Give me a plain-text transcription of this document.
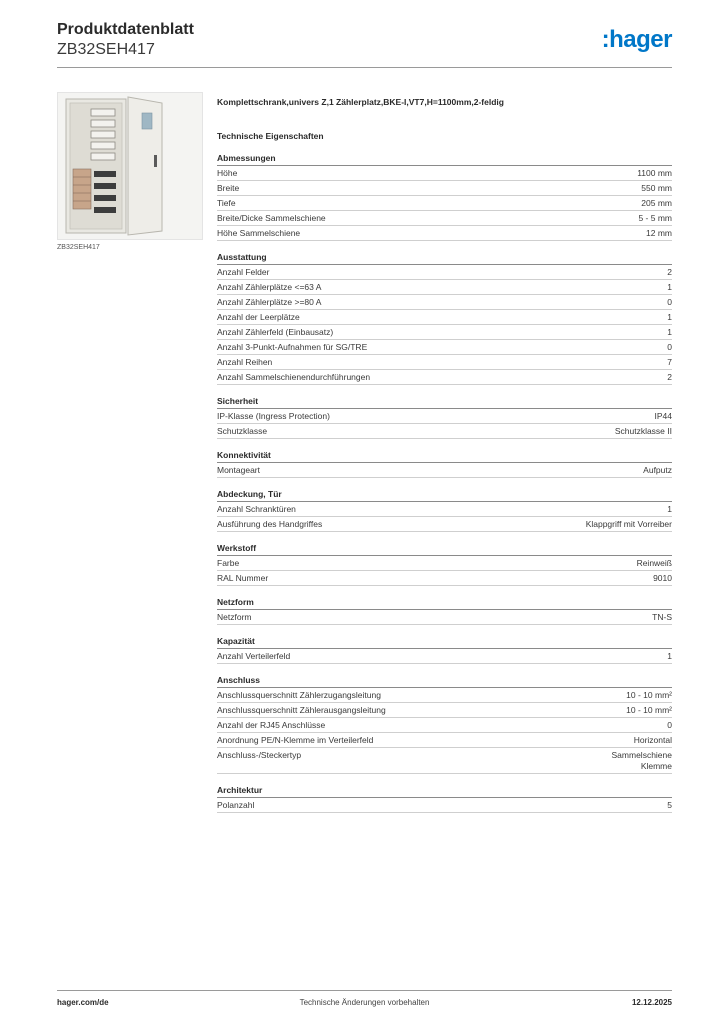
Produktdatenblatt
ZB32SEH417	:hager
ZB32SEH417
Komplettschrank,univers Z,1 Zählerplatz,BKE-I,VT7,H=1100mm,2-feldig
Technische Eigenschaften
Abmessungen
Höhe	1100 mm
Breite	550 mm
Tiefe	205 mm
Breite/Dicke Sammelschiene	5 - 5 mm
Höhe Sammelschiene	12 mm
Ausstattung
Anzahl Felder	2
Anzahl Zählerplätze <=63 A	1
Anzahl Zählerplätze >=80 A	0
Anzahl der Leerplätze	1
Anzahl Zählerfeld (Einbausatz)	1
Anzahl 3-Punkt-Aufnahmen für SG/TRE	0
Anzahl Reihen	7
Anzahl Sammelschienendurchführungen	2
Sicherheit
IP-Klasse (Ingress Protection)	IP44
Schutzklasse	Schutzklasse II
Konnektivität
Montageart	Aufputz
Abdeckung, Tür
Anzahl Schranktüren	1
Ausführung des Handgriffes	Klappgriff mit Vorreiber
Werkstoff
Farbe	Reinweiß
RAL Nummer	9010
Netzform
Netzform	TN-S
Kapazität
Anzahl Verteilerfeld	1
Anschluss
Anschlussquerschnitt Zählerzugangsleitung	10 - 10 mm²
Anschlussquerschnitt Zählerausgangsleitung	10 - 10 mm²
Anzahl der RJ45 Anschlüsse	0
Anordnung PE/N-Klemme im Verteilerfeld	Horizontal
Anschluss-/Steckertyp	Sammelschiene
Klemme
Architektur
Polanzahl	5
hager.com/de	Technische Änderungen vorbehalten	12.12.2025
